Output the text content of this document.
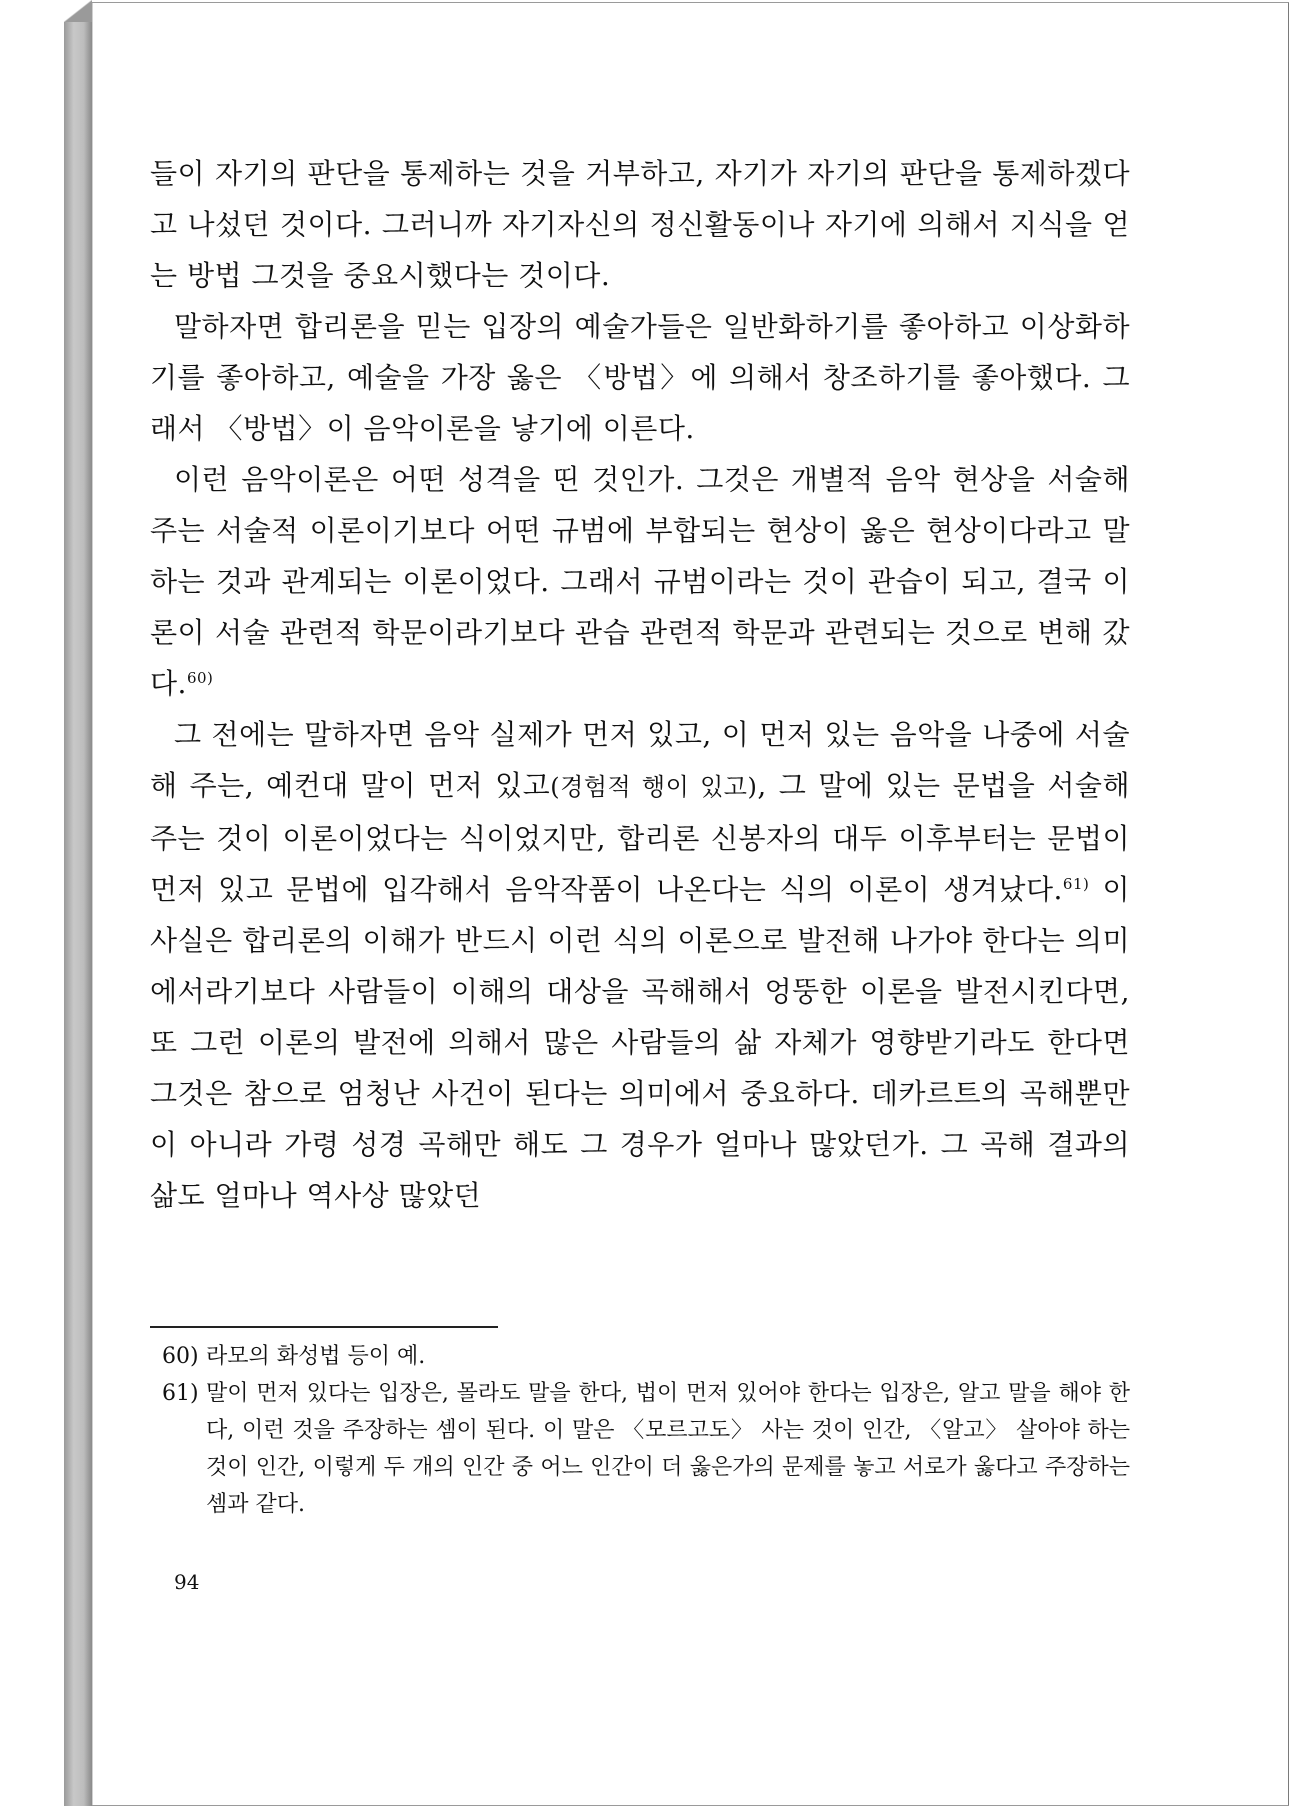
들이 자기의 판단을 통제하는 것을 거부하고, 자기가 자기의 판단을 통제하겠다고 나섰던 것이다. 그러니까 자기자신의 정신활동이나 자기에 의해서 지식을 얻는 방법 그것을 중요시했다는 것이다.

말하자면 합리론을 믿는 입장의 예술가들은 일반화하기를 좋아하고 이상화하기를 좋아하고, 예술을 가장 옳은 〈방법〉에 의해서 창조하기를 좋아했다. 그래서 〈방법〉이 음악이론을 낳기에 이른다.

이런 음악이론은 어떤 성격을 띤 것인가. 그것은 개별적 음악 현상을 서술해 주는 서술적 이론이기보다 어떤 규범에 부합되는 현상이 옳은 현상이다라고 말하는 것과 관계되는 이론이었다. 그래서 규범이라는 것이 관습이 되고, 결국 이론이 서술 관련적 학문이라기보다 관습 관련적 학문과 관련되는 것으로 변해 갔다.$^{60)}$

그 전에는 말하자면 음악 실제가 먼저 있고, 이 먼저 있는 음악을 나중에 서술해 주는, 예컨대 말이 먼저 있고(경험적 행이 있고), 그 말에 있는 문법을 서술해 주는 것이 이론이었다는 식이었지만, 합리론 신봉자의 대두 이후부터는 문법이 먼저 있고 문법에 입각해서 음악작품이 나온다는 식의 이론이 생겨났다.$^{61)}$ 이 사실은 합리론의 이해가 반드시 이런 식의 이론으로 발전해 나가야 한다는 의미에서라기보다 사람들이 이해의 대상을 곡해해서 엉뚱한 이론을 발전시킨다면, 또 그런 이론의 발전에 의해서 많은 사람들의 삶 자체가 영향받기라도 한다면 그것은 참으로 엄청난 사건이 된다는 의미에서 중요하다. 데카르트의 곡해뿐만이 아니라 가령 성경 곡해만 해도 그 경우가 얼마나 많았던가. 그 곡해 결과의 삶도 얼마나 역사상 많았던

60) 라모의 화성법 등이 예.
61) 말이 먼저 있다는 입장은, 몰라도 말을 한다, 법이 먼저 있어야 한다는 입장은, 알고 말을 해야 한다, 이런 것을 주장하는 셈이 된다. 이 말은 〈모르고도〉 사는 것이 인간, 〈알고〉 살아야 하는 것이 인간, 이렇게 두 개의 인간 중 어느 인간이 더 옳은가의 문제를 놓고 서로가 옳다고 주장하는 셈과 같다.
94
